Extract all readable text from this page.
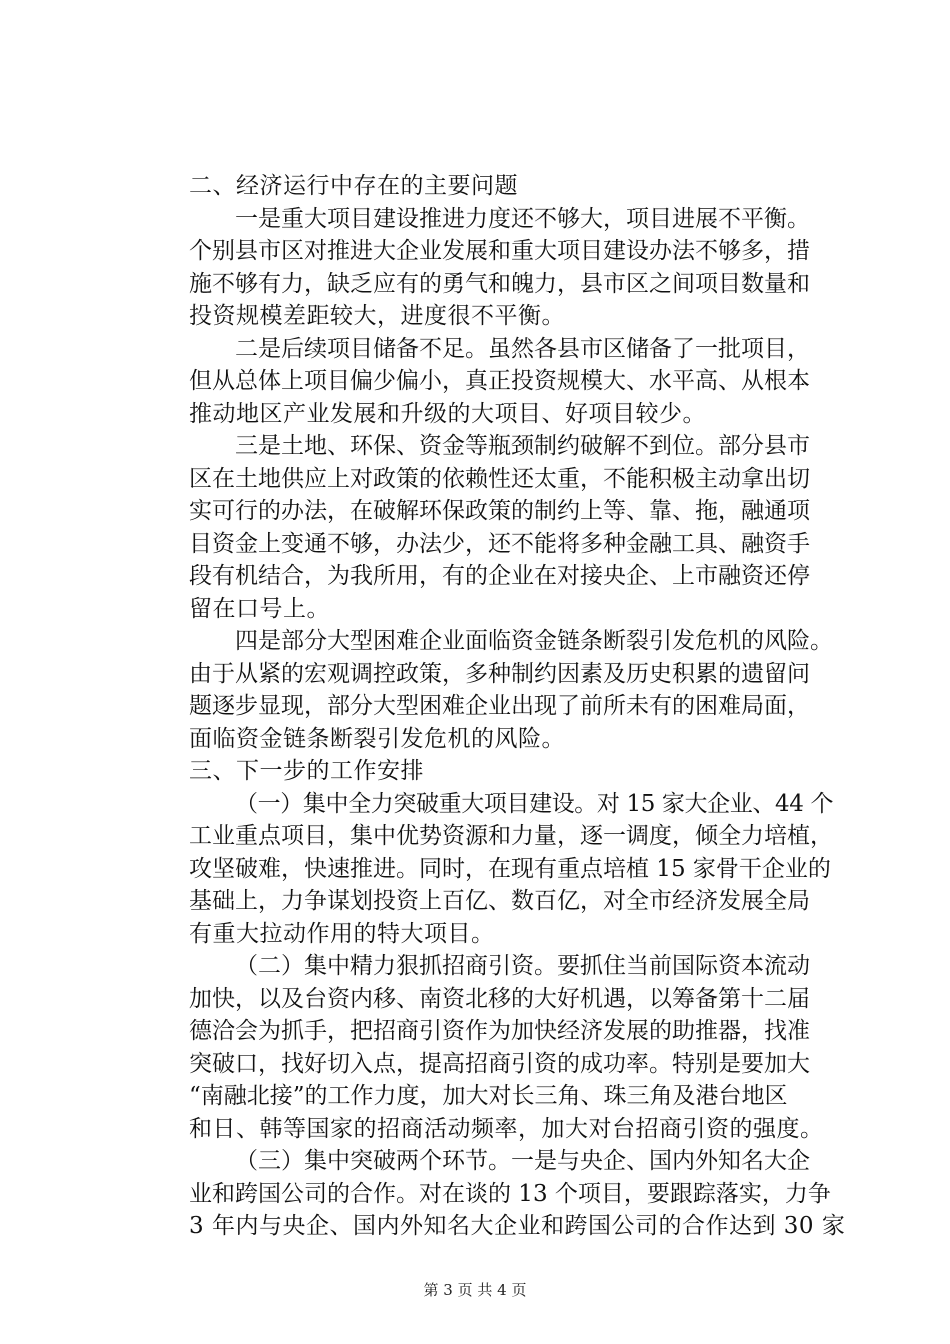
二、经济运行中存在的主要问题
一是重大项目建设推进力度还不够大，项目进展不平衡。
个别县市区对推进大企业发展和重大项目建设办法不够多，措
施不够有力，缺乏应有的勇气和魄力，县市区之间项目数量和
投资规模差距较大，进度很不平衡。
二是后续项目储备不足。虽然各县市区储备了一批项目，
但从总体上项目偏少偏小，真正投资规模大、水平高、从根本
推动地区产业发展和升级的大项目、好项目较少。
三是土地、环保、资金等瓶颈制约破解不到位。部分县市
区在土地供应上对政策的依赖性还太重，不能积极主动拿出切
实可行的办法，在破解环保政策的制约上等、靠、拖，融通项
目资金上变通不够，办法少，还不能将多种金融工具、融资手
段有机结合，为我所用，有的企业在对接央企、上市融资还停
留在口号上。
四是部分大型困难企业面临资金链条断裂引发危机的风险。
由于从紧的宏观调控政策，多种制约因素及历史积累的遗留问
题逐步显现，部分大型困难企业出现了前所未有的困难局面，
面临资金链条断裂引发危机的风险。
三、下一步的工作安排
（一）集中全力突破重大项目建设。对 15 家大企业、44 个
工业重点项目，集中优势资源和力量，逐一调度，倾全力培植，
攻坚破难，快速推进。同时，在现有重点培植 15 家骨干企业的
基础上，力争谋划投资上百亿、数百亿，对全市经济发展全局
有重大拉动作用的特大项目。
（二）集中精力狠抓招商引资。要抓住当前国际资本流动
加快，以及台资内移、南资北移的大好机遇，以筹备第十二届
德洽会为抓手，把招商引资作为加快经济发展的助推器，找准
突破口，找好切入点，提高招商引资的成功率。特别是要加大
“南融北接”的工作力度，加大对长三角、珠三角及港台地区
和日、韩等国家的招商活动频率，加大对台招商引资的强度。
（三）集中突破两个环节。一是与央企、国内外知名大企
业和跨国公司的合作。对在谈的 13 个项目，要跟踪落实，力争
3 年内与央企、国内外知名大企业和跨国公司的合作达到 30 家
第 3 页 共 4 页
